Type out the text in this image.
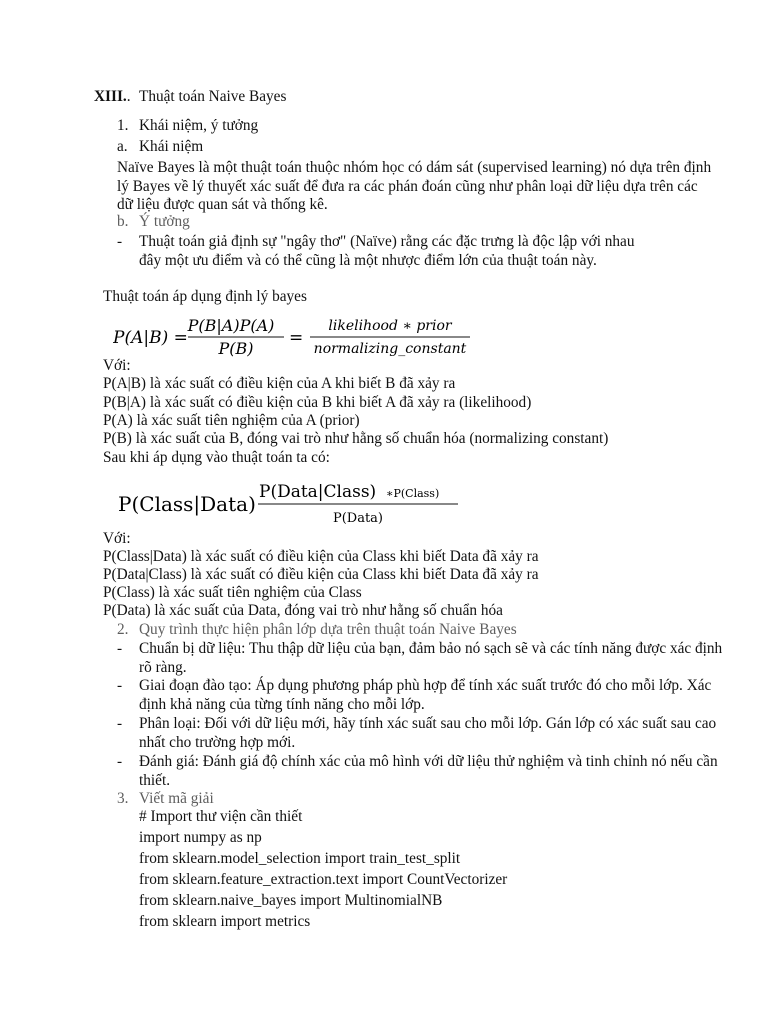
XIII.. Thuật toán Naive Bayes
1. Khái niệm, ý tưởng
a. Khái niệm
Naïve Bayes là một thuật toán thuộc nhóm học có dám sát (supervised learning) nó dựa trên định lý Bayes về lý thuyết xác suất để đưa ra các phán đoán cũng như phân loại dữ liệu dựa trên các dữ liệu được quan sát và thống kê.
b. Ý tưởng
- Thuật toán giả định sự "ngây thơ" (Naïve) rằng các đặc trưng là độc lập với nhau đây một ưu điểm và có thể cũng là một nhược điểm lớn của thuật toán này.
Thuật toán áp dụng định lý bayes
P(A|B) =
P(B|A)P(A)
P(B)
=
likelihood ∗ prior
normalizing_constant
Với:
P(A|B) là xác suất có điều kiện của A khi biết B đã xảy ra
P(B|A) là xác suất có điều kiện của B khi biết A đã xảy ra (likelihood)
P(A) là xác suất tiên nghiệm của A (prior)
P(B) là xác suất của B, đóng vai trò như hằng số chuẩn hóa (normalizing constant)
Sau khi áp dụng vào thuật toán ta có:
P(Class|Data) P(Data|Class) ∗P(Class)
P(Data)
Với:
P(Class|Data) là xác suất có điều kiện của Class khi biết Data đã xảy ra
P(Data|Class) là xác suất có điều kiện của Class khi biết Data đã xảy ra
P(Class) là xác suất tiên nghiệm của Class
P(Data) là xác suất của Data, đóng vai trò như hằng số chuẩn hóa
2. Quy trình thực hiện phân lớp dựa trên thuật toán Naive Bayes
- Chuẩn bị dữ liệu: Thu thập dữ liệu của bạn, đảm bảo nó sạch sẽ và các tính năng được xác định rõ ràng.
- Giai đoạn đào tạo: Áp dụng phương pháp phù hợp để tính xác suất trước đó cho mỗi lớp. Xác định khả năng của từng tính năng cho mỗi lớp.
- Phân loại: Đối với dữ liệu mới, hãy tính xác suất sau cho mỗi lớp. Gán lớp có xác suất sau cao nhất cho trường hợp mới.
- Đánh giá: Đánh giá độ chính xác của mô hình với dữ liệu thử nghiệm và tinh chỉnh nó nếu cần thiết.
3. Viết mã giải
# Import thư viện cần thiết
import numpy as np
from sklearn.model_selection import train_test_split
from sklearn.feature_extraction.text import CountVectorizer
from sklearn.naive_bayes import MultinomialNB
from sklearn import metrics
